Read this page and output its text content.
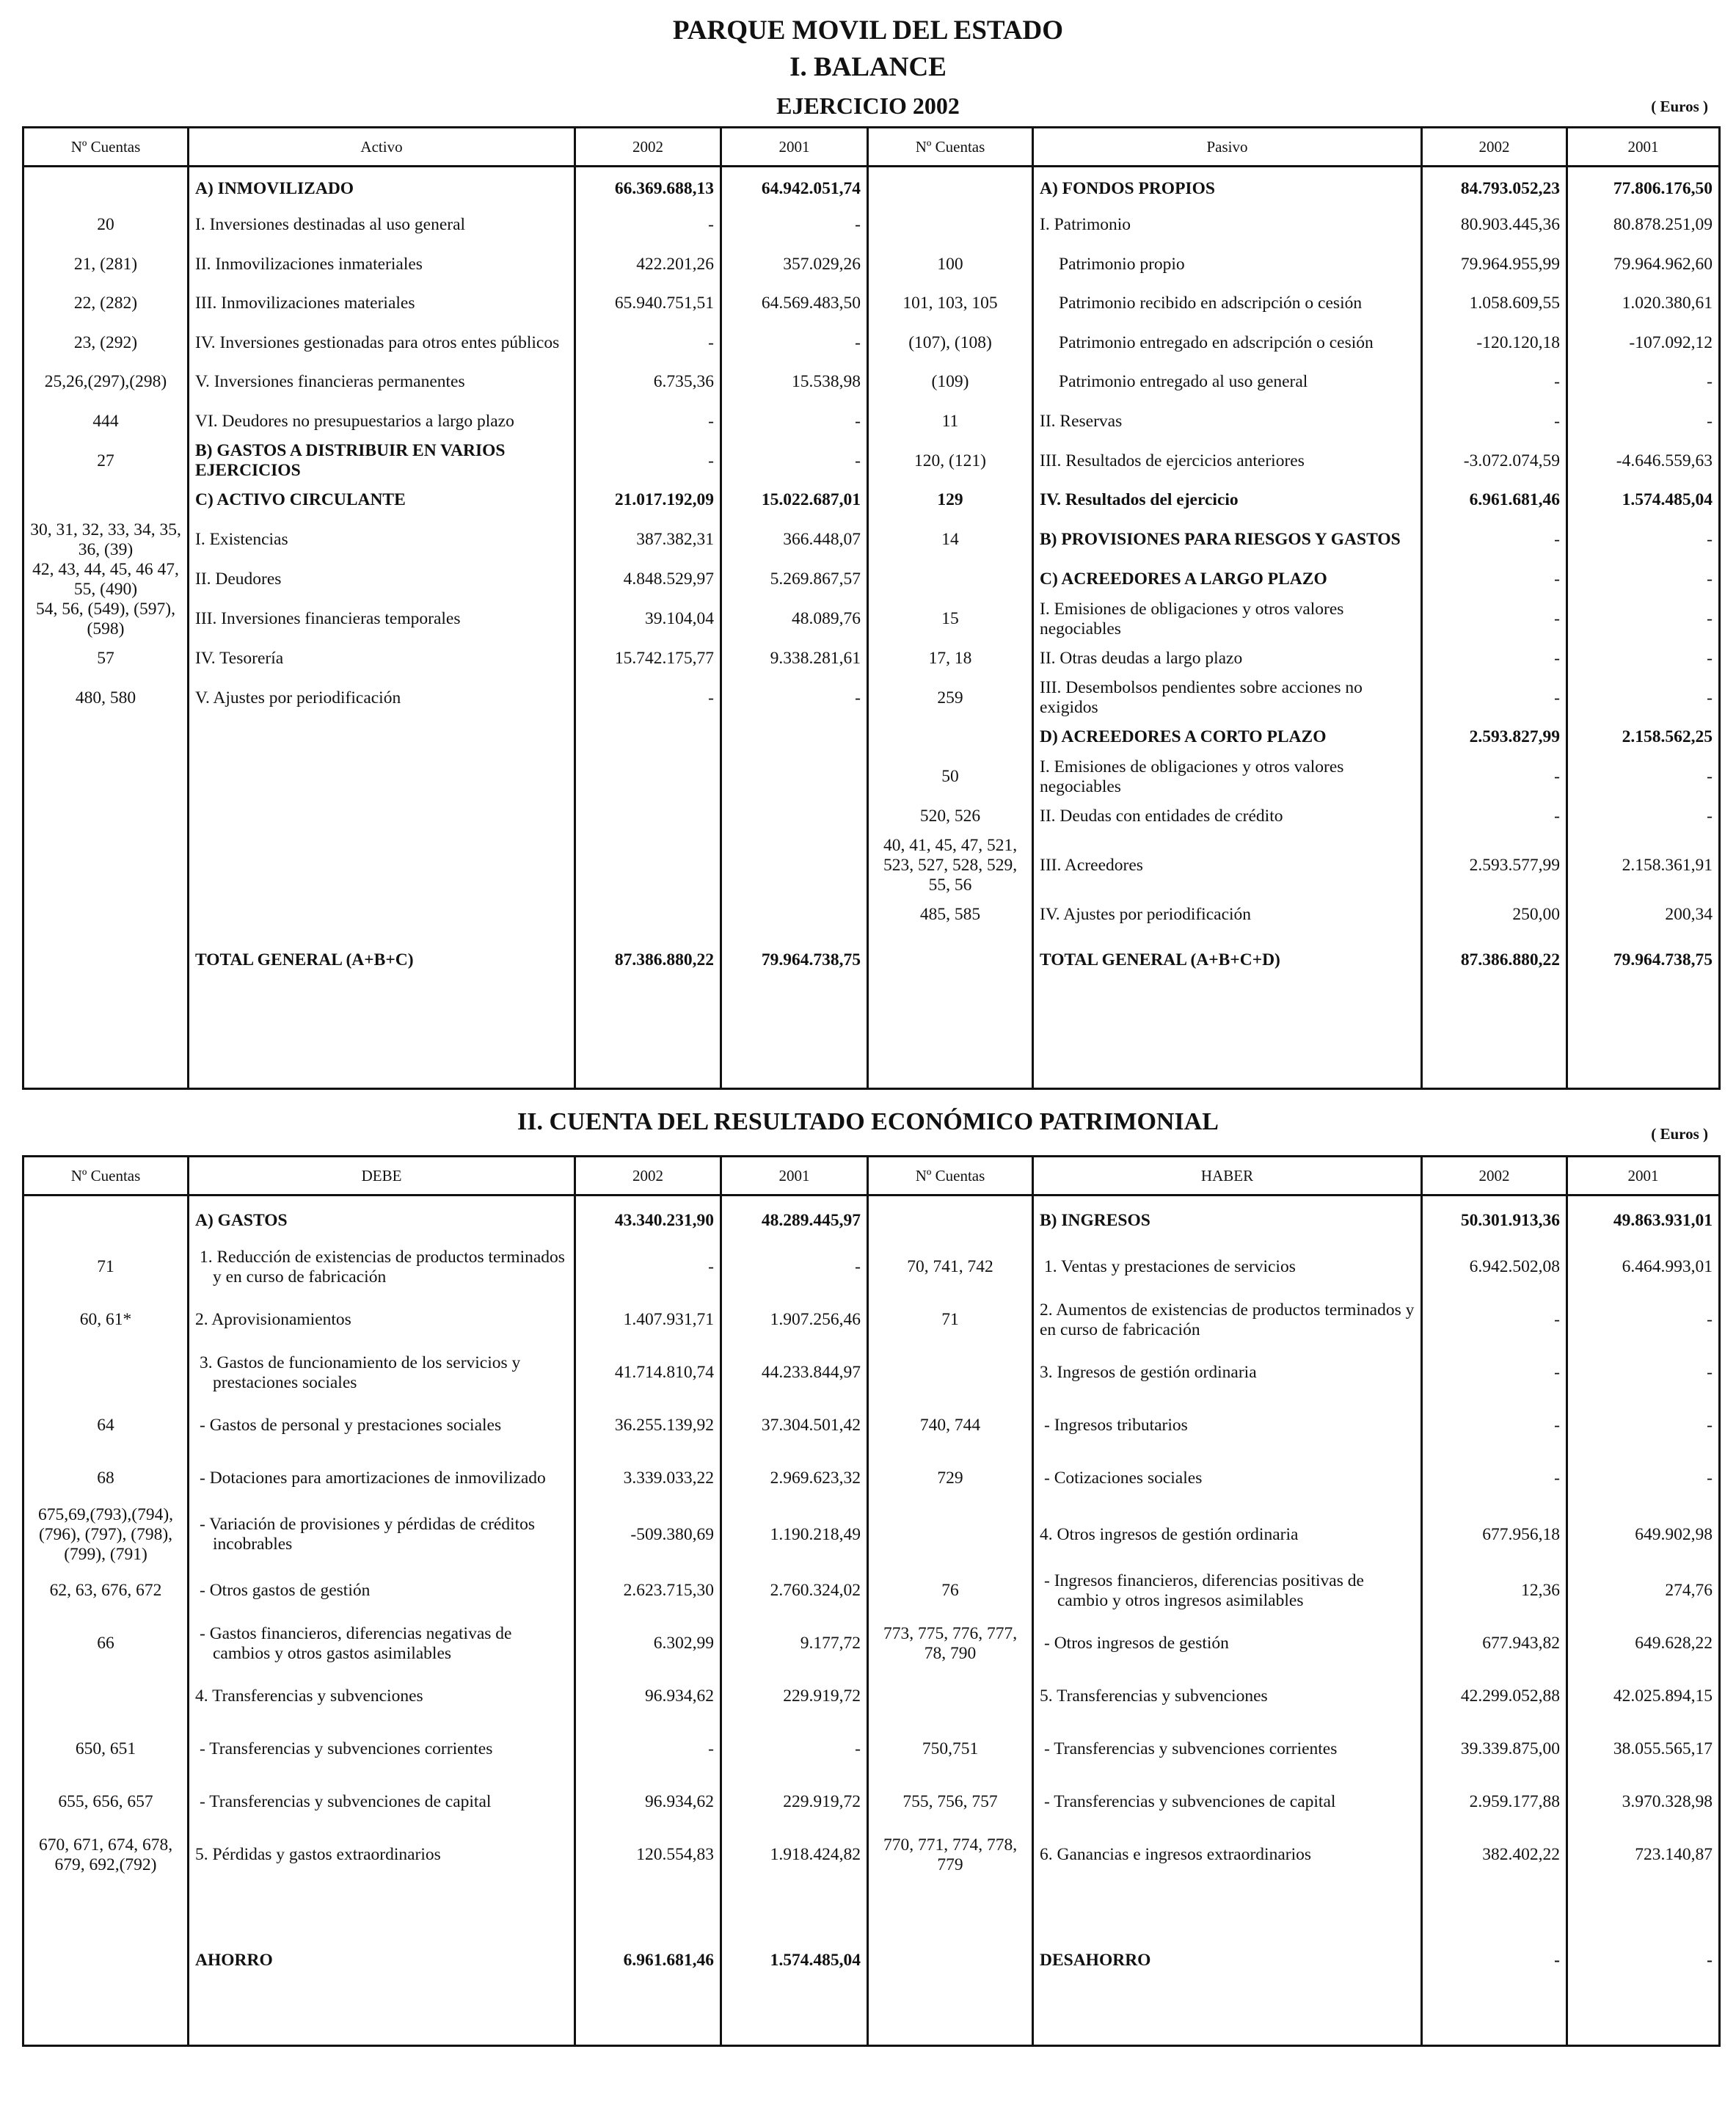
PARQUE MOVIL DEL ESTADO
I. BALANCE
EJERCICIO 2002	( Euros )
Nº Cuentas	Activo	2002	2001	Nº Cuentas	Pasivo	2002	2001
	A) INMOVILIZADO	66.369.688,13	64.942.051,74		A) FONDOS PROPIOS	84.793.052,23	77.806.176,50
20	I. Inversiones destinadas al uso general	-	-		I. Patrimonio	80.903.445,36	80.878.251,09
21, (281)	II. Inmovilizaciones inmateriales	422.201,26	357.029,26	100	Patrimonio propio	79.964.955,99	79.964.962,60
22, (282)	III. Inmovilizaciones materiales	65.940.751,51	64.569.483,50	101, 103, 105	Patrimonio recibido en adscripción o cesión	1.058.609,55	1.020.380,61
23, (292)	IV. Inversiones gestionadas para otros entes públicos	-	-	(107), (108)	Patrimonio entregado en adscripción o cesión	-120.120,18	-107.092,12
25,26,(297),(298)	V. Inversiones financieras permanentes	6.735,36	15.538,98	(109)	Patrimonio entregado al uso general	-	-
444	VI. Deudores no presupuestarios a largo plazo	-	-	11	II. Reservas	-	-
27	B) GASTOS A DISTRIBUIR EN VARIOS EJERCICIOS	-	-	120, (121)	III. Resultados de ejercicios anteriores	-3.072.074,59	-4.646.559,63
	C) ACTIVO CIRCULANTE	21.017.192,09	15.022.687,01	129	IV. Resultados del ejercicio	6.961.681,46	1.574.485,04
30, 31, 32, 33, 34, 35, 36, (39)	I. Existencias	387.382,31	366.448,07	14	B) PROVISIONES PARA RIESGOS Y GASTOS	-	-
42, 43, 44, 45, 46 47, 55, (490)	II. Deudores	4.848.529,97	5.269.867,57		C) ACREEDORES A LARGO PLAZO	-	-
54, 56, (549), (597), (598)	III. Inversiones financieras temporales	39.104,04	48.089,76	15	I. Emisiones de obligaciones y otros valores negociables	-	-
57	IV. Tesorería	15.742.175,77	9.338.281,61	17, 18	II. Otras deudas a largo plazo	-	-
480, 580	V. Ajustes por periodificación	-	-	259	III. Desembolsos pendientes sobre acciones no exigidos	-	-
					D) ACREEDORES A CORTO PLAZO	2.593.827,99	2.158.562,25
				50	I. Emisiones de obligaciones y otros valores negociables	-	-
				520, 526	II. Deudas con entidades de crédito	-	-
				40, 41, 45, 47, 521, 523, 527, 528, 529, 55, 56	III. Acreedores	2.593.577,99	2.158.361,91
				485, 585	IV. Ajustes por periodificación	250,00	200,34
	TOTAL GENERAL (A+B+C)	87.386.880,22	79.964.738,75		TOTAL GENERAL (A+B+C+D)	87.386.880,22	79.964.738,75

II. CUENTA DEL RESULTADO ECONÓMICO PATRIMONIAL	( Euros )
Nº Cuentas	DEBE	2002	2001	Nº Cuentas	HABER	2002	2001
	A) GASTOS	43.340.231,90	48.289.445,97		B) INGRESOS	50.301.913,36	49.863.931,01
71	1. Reducción de existencias de productos terminados y en curso de fabricación	-	-	70, 741, 742	1. Ventas y prestaciones de servicios	6.942.502,08	6.464.993,01
60, 61*	2. Aprovisionamientos	1.407.931,71	1.907.256,46	71	2. Aumentos de existencias de productos terminados y en curso de fabricación	-	-
	3. Gastos de funcionamiento de los servicios y prestaciones sociales	41.714.810,74	44.233.844,97		3. Ingresos de gestión ordinaria	-	-
64	- Gastos de personal y prestaciones sociales	36.255.139,92	37.304.501,42	740, 744	- Ingresos tributarios	-	-
68	- Dotaciones para amortizaciones de inmovilizado	3.339.033,22	2.969.623,32	729	- Cotizaciones sociales	-	-
675,69,(793),(794), (796), (797), (798), (799), (791)	- Variación de provisiones y pérdidas de créditos incobrables	-509.380,69	1.190.218,49		4. Otros ingresos de gestión ordinaria	677.956,18	649.902,98
62, 63, 676, 672	- Otros gastos de gestión	2.623.715,30	2.760.324,02	76	- Ingresos financieros, diferencias positivas de cambio y otros ingresos asimilables	12,36	274,76
66	- Gastos financieros, diferencias negativas de cambios y otros gastos asimilables	6.302,99	9.177,72	773, 775, 776, 777, 78, 790	- Otros ingresos de gestión	677.943,82	649.628,22
	4. Transferencias y subvenciones	96.934,62	229.919,72		5. Transferencias y subvenciones	42.299.052,88	42.025.894,15
650, 651	- Transferencias y subvenciones corrientes	-	-	750,751	- Transferencias y subvenciones corrientes	39.339.875,00	38.055.565,17
655, 656, 657	- Transferencias y subvenciones de capital	96.934,62	229.919,72	755, 756, 757	- Transferencias y subvenciones de capital	2.959.177,88	3.970.328,98
670, 671, 674, 678, 679, 692,(792)	5. Pérdidas y gastos extraordinarios	120.554,83	1.918.424,82	770, 771, 774, 778, 779	6. Ganancias e ingresos extraordinarios	382.402,22	723.140,87

	AHORRO	6.961.681,46	1.574.485,04		DESAHORRO	-	-
